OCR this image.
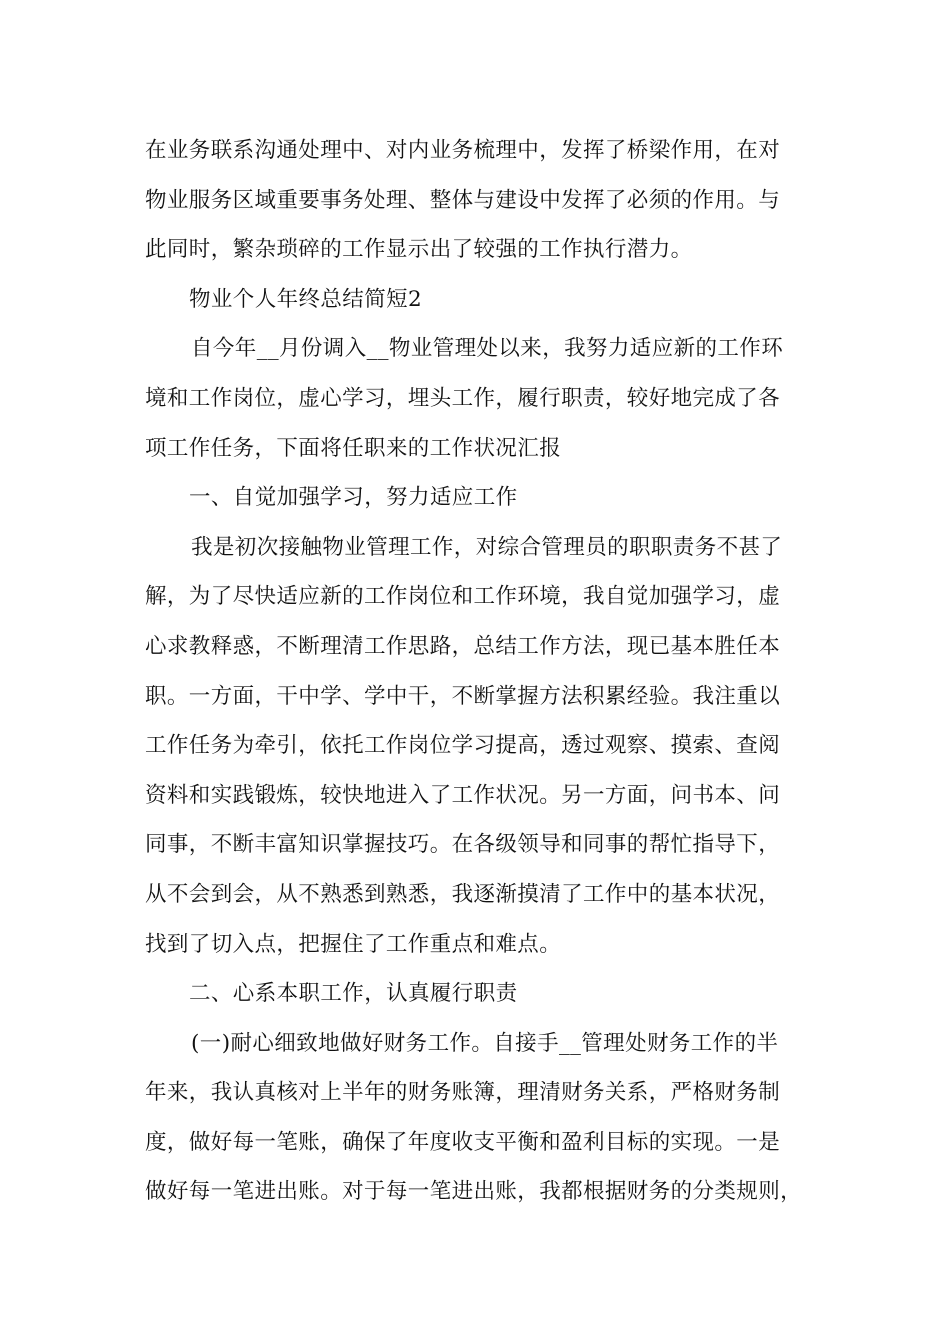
在业务联系沟通处理中、对内业务梳理中，发挥了桥梁作用，在对
物业服务区域重要事务处理、整体与建设中发挥了必须的作用。与
此同时，繁杂琐碎的工作显示出了较强的工作执行潜力。
物业个人年终总结简短2
自今年__月份调入__物业管理处以来，我努力适应新的工作环
境和工作岗位，虚心学习，埋头工作，履行职责，较好地完成了各
项工作任务，下面将任职来的工作状况汇报
一、自觉加强学习，努力适应工作
我是初次接触物业管理工作，对综合管理员的职职责务不甚了
解，为了尽快适应新的工作岗位和工作环境，我自觉加强学习，虚
心求教释惑，不断理清工作思路，总结工作方法，现已基本胜任本
职。一方面，干中学、学中干，不断掌握方法积累经验。我注重以
工作任务为牵引，依托工作岗位学习提高，透过观察、摸索、查阅
资料和实践锻炼，较快地进入了工作状况。另一方面，问书本、问
同事，不断丰富知识掌握技巧。在各级领导和同事的帮忙指导下，
从不会到会，从不熟悉到熟悉，我逐渐摸清了工作中的基本状况，
找到了切入点，把握住了工作重点和难点。
二、心系本职工作，认真履行职责
(一)耐心细致地做好财务工作。自接手__管理处财务工作的半
年来，我认真核对上半年的财务账簿，理清财务关系，严格财务制
度，做好每一笔账，确保了年度收支平衡和盈利目标的实现。一是
做好每一笔进出账。对于每一笔进出账，我都根据财务的分类规则，
